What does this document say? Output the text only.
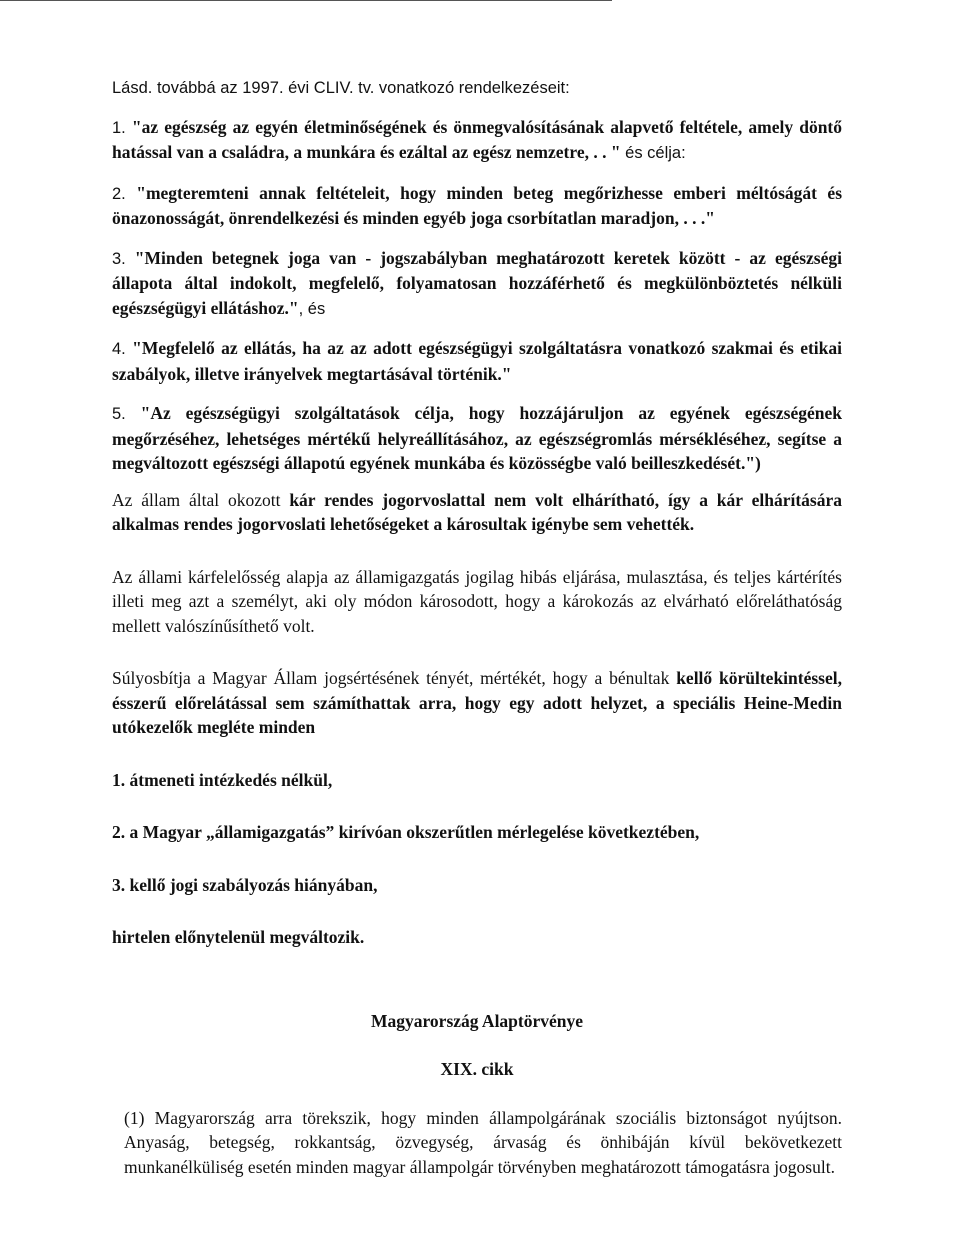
Lásd. továbbá az 1997. évi CLIV. tv. vonatkozó rendelkezéseit:

1. "az egészség az egyén életminőségének és önmegvalósításának alapvető feltétele, amely döntő hatással van a családra, a munkára és ezáltal az egész nemzetre, . . " és célja:

2. "megteremteni annak feltételeit, hogy minden beteg megőrizhesse emberi méltóságát és önazonosságát, önrendelkezési és minden egyéb joga csorbítatlan maradjon, . . ."

3. "Minden betegnek joga van - jogszabályban meghatározott keretek között - az egészségi állapota által indokolt, megfelelő, folyamatosan hozzáférhető és megkülönböztetés nélküli egészségügyi ellátáshoz.", és

4. "Megfelelő az ellátás, ha az az adott egészségügyi szolgáltatásra vonatkozó szakmai és etikai szabályok, illetve irányelvek megtartásával történik."

5. "Az egészségügyi szolgáltatások célja, hogy hozzájáruljon az egyének egészségének megőrzéséhez, lehetséges mértékű helyreállításához, az egészségromlás mérsékléséhez, segítse a megváltozott egészségi állapotú egyének munkába és közösségbe való beilleszkedését.")

Az állam által okozott kár rendes jogorvoslattal nem volt elhárítható, így a kár elhárítására alkalmas rendes jogorvoslati lehetőségeket a károsultak igénybe sem vehették.

Az állami kárfelelősség alapja az államigazgatás jogilag hibás eljárása, mulasztása, és teljes kártérítés illeti meg azt a személyt, aki oly módon károsodott, hogy a károkozás az elvárható előreláthatóság mellett valószínűsíthető volt.

Súlyosbítja a Magyar Állam jogsértésének tényét, mértékét, hogy a bénultak kellő körültekintéssel, ésszerű előrelátással sem számíthattak arra, hogy egy adott helyzet, a speciális Heine-Medin utókezelők megléte minden

1. átmeneti intézkedés nélkül,

2. a Magyar „államigazgatás” kirívóan okszerűtlen mérlegelése következtében,

3. kellő jogi szabályozás hiányában,

hirtelen előnytelenül megváltozik.

Magyarország Alaptörvénye

XIX. cikk

(1) Magyarország arra törekszik, hogy minden állampolgárának szociális biztonságot nyújtson. Anyaság, betegség, rokkantság, özvegység, árvaság és önhibáján kívül bekövetkezett munkanélküliség esetén minden magyar állampolgár törvényben meghatározott támogatásra jogosult.
